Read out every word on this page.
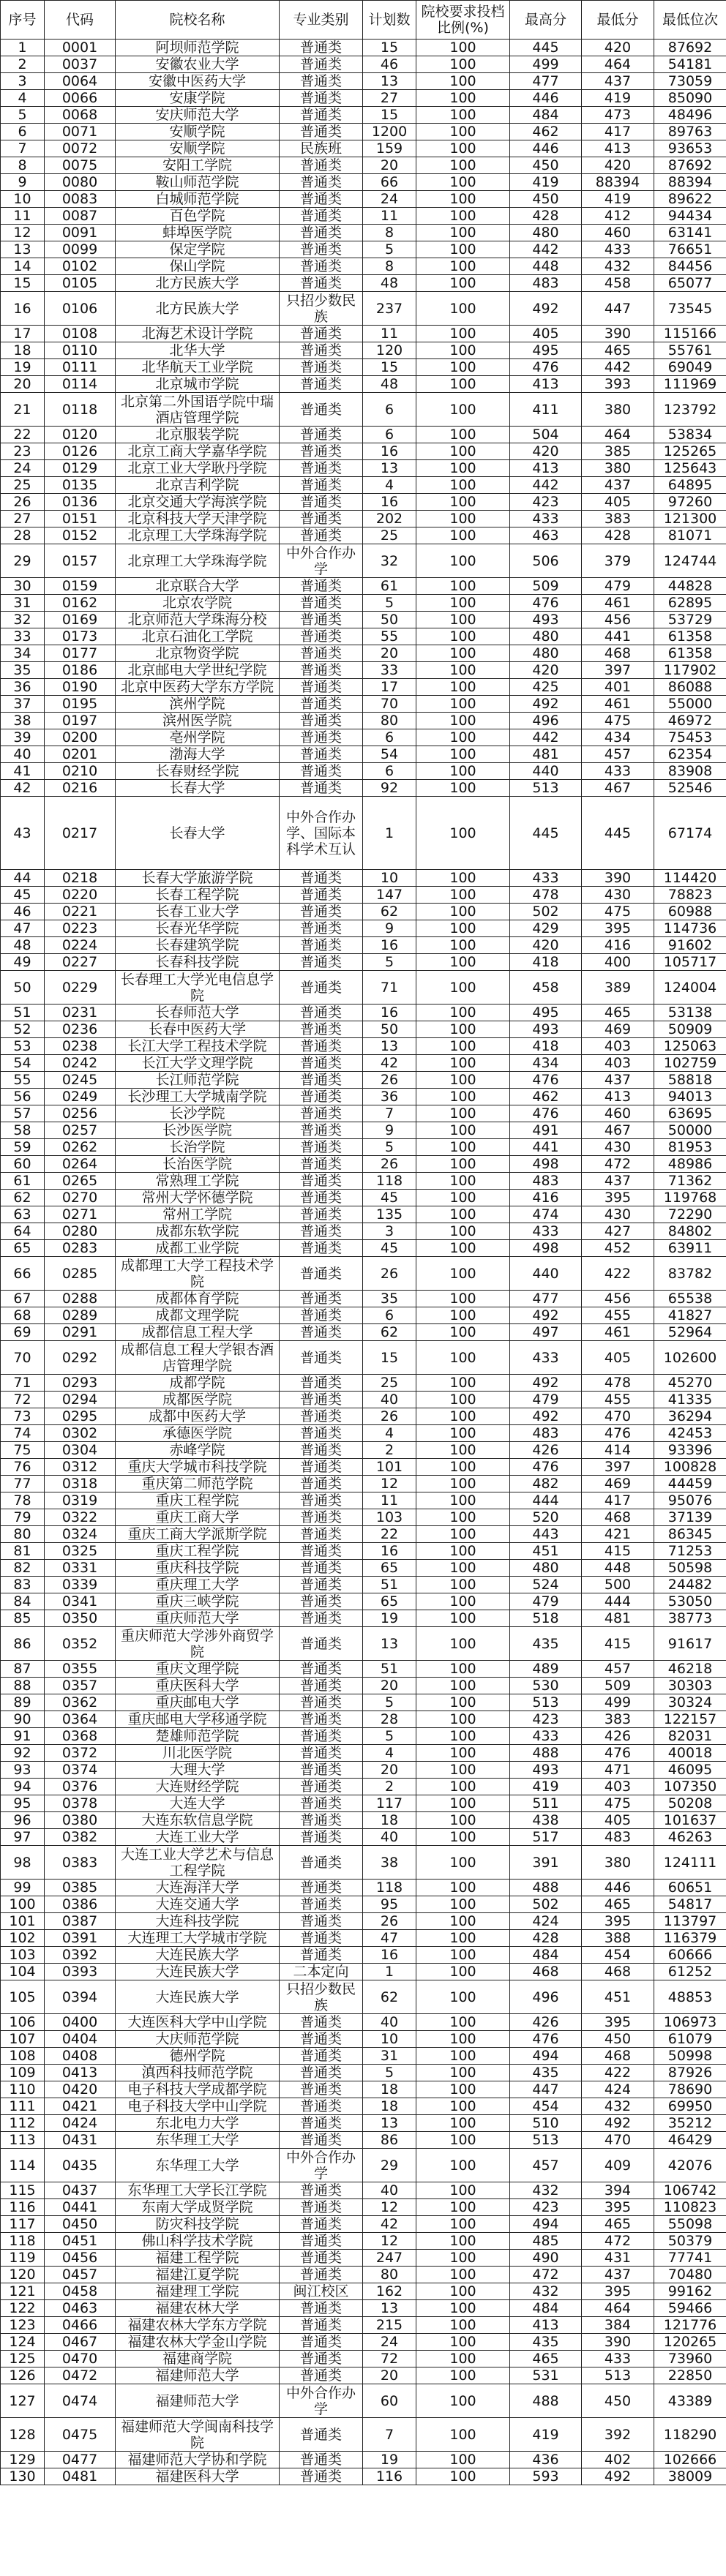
序号	代码	院校名称	专业类别	计划数	院校要求投档比例(%)	最高分	最低分	最低位次
1	0001	阿坝师范学院	普通类	15	100	445	420	87692
2	0037	安徽农业大学	普通类	46	100	499	464	54181
3	0064	安徽中医药大学	普通类	13	100	477	437	73059
4	0066	安康学院	普通类	27	100	446	419	85090
5	0068	安庆师范大学	普通类	15	100	484	473	48496
6	0071	安顺学院	普通类	1200	100	462	417	89763
7	0072	安顺学院	民族班	159	100	446	413	93653
8	0075	安阳工学院	普通类	20	100	450	420	87692
9	0080	鞍山师范学院	普通类	66	100	419	88394	88394
10	0083	白城师范学院	普通类	24	100	450	419	89622
11	0087	百色学院	普通类	11	100	428	412	94434
12	0091	蚌埠医学院	普通类	8	100	480	460	63141
13	0099	保定学院	普通类	5	100	442	433	76651
14	0102	保山学院	普通类	8	100	448	432	84456
15	0105	北方民族大学	普通类	48	100	483	458	65077
16	0106	北方民族大学	只招少数民族	237	100	492	447	73545
17	0108	北海艺术设计学院	普通类	11	100	405	390	115166
18	0110	北华大学	普通类	120	100	495	465	55761
19	0111	北华航天工业学院	普通类	15	100	476	442	69049
20	0114	北京城市学院	普通类	48	100	413	393	111969
21	0118	北京第二外国语学院中瑞酒店管理学院	普通类	6	100	411	380	123792
22	0120	北京服装学院	普通类	6	100	504	464	53834
23	0126	北京工商大学嘉华学院	普通类	16	100	420	385	125265
24	0129	北京工业大学耿丹学院	普通类	13	100	413	380	125643
25	0135	北京吉利学院	普通类	4	100	442	437	64895
26	0136	北京交通大学海滨学院	普通类	16	100	423	405	97260
27	0151	北京科技大学天津学院	普通类	202	100	433	383	121300
28	0152	北京理工大学珠海学院	普通类	25	100	463	428	81071
29	0157	北京理工大学珠海学院	中外合作办学	32	100	506	379	124744
30	0159	北京联合大学	普通类	61	100	509	479	44828
31	0162	北京农学院	普通类	5	100	476	461	62895
32	0169	北京师范大学珠海分校	普通类	50	100	493	456	53729
33	0173	北京石油化工学院	普通类	55	100	480	441	61358
34	0177	北京物资学院	普通类	20	100	480	468	61358
35	0186	北京邮电大学世纪学院	普通类	33	100	420	397	117902
36	0190	北京中医药大学东方学院	普通类	17	100	425	401	86088
37	0195	滨州学院	普通类	70	100	492	461	55000
38	0197	滨州医学院	普通类	80	100	496	475	46972
39	0200	亳州学院	普通类	6	100	442	434	75453
40	0201	渤海大学	普通类	54	100	481	457	62354
41	0210	长春财经学院	普通类	6	100	440	433	83908
42	0216	长春大学	普通类	92	100	513	467	52546
43	0217	长春大学	中外合作办学、国际本科学术互认	1	100	445	445	67174
44	0218	长春大学旅游学院	普通类	10	100	433	390	114420
45	0220	长春工程学院	普通类	147	100	478	430	78823
46	0221	长春工业大学	普通类	62	100	502	475	60988
47	0223	长春光华学院	普通类	9	100	429	395	114736
48	0224	长春建筑学院	普通类	16	100	420	416	91602
49	0227	长春科技学院	普通类	5	100	418	400	105717
50	0229	长春理工大学光电信息学院	普通类	71	100	458	389	124004
51	0231	长春师范大学	普通类	16	100	495	465	53138
52	0236	长春中医药大学	普通类	50	100	493	469	50909
53	0238	长江大学工程技术学院	普通类	13	100	418	403	125063
54	0242	长江大学文理学院	普通类	42	100	434	403	102759
55	0245	长江师范学院	普通类	26	100	476	437	58818
56	0249	长沙理工大学城南学院	普通类	36	100	462	413	94013
57	0256	长沙学院	普通类	7	100	476	460	63695
58	0257	长沙医学院	普通类	9	100	491	467	50000
59	0262	长治学院	普通类	5	100	441	430	81953
60	0264	长治医学院	普通类	26	100	498	472	48986
61	0265	常熟理工学院	普通类	118	100	483	437	71362
62	0270	常州大学怀德学院	普通类	45	100	416	395	119768
63	0271	常州工学院	普通类	135	100	474	430	72290
64	0280	成都东软学院	普通类	3	100	433	427	84802
65	0283	成都工业学院	普通类	45	100	498	452	63911
66	0285	成都理工大学工程技术学院	普通类	26	100	440	422	83782
67	0288	成都体育学院	普通类	35	100	477	456	65538
68	0289	成都文理学院	普通类	6	100	492	455	41827
69	0291	成都信息工程大学	普通类	62	100	497	461	52964
70	0292	成都信息工程大学银杏酒店管理学院	普通类	15	100	433	405	102600
71	0293	成都学院	普通类	25	100	492	478	45270
72	0294	成都医学院	普通类	40	100	479	455	41335
73	0295	成都中医药大学	普通类	26	100	492	470	36294
74	0302	承德医学院	普通类	4	100	483	476	42453
75	0304	赤峰学院	普通类	2	100	426	414	93396
76	0312	重庆大学城市科技学院	普通类	101	100	476	397	100828
77	0318	重庆第二师范学院	普通类	12	100	482	469	44459
78	0319	重庆工程学院	普通类	11	100	444	417	95076
79	0322	重庆工商大学	普通类	103	100	520	468	37139
80	0324	重庆工商大学派斯学院	普通类	22	100	443	421	86345
81	0325	重庆工程学院	普通类	16	100	451	415	71253
82	0331	重庆科技学院	普通类	65	100	480	448	50598
83	0339	重庆理工大学	普通类	51	100	524	500	24482
84	0341	重庆三峡学院	普通类	65	100	479	444	53050
85	0350	重庆师范大学	普通类	19	100	518	481	38773
86	0352	重庆师范大学涉外商贸学院	普通类	13	100	435	415	91617
87	0355	重庆文理学院	普通类	51	100	489	457	46218
88	0357	重庆医科大学	普通类	20	100	530	509	30303
89	0362	重庆邮电大学	普通类	5	100	513	499	30324
90	0364	重庆邮电大学移通学院	普通类	28	100	423	383	122157
91	0368	楚雄师范学院	普通类	5	100	433	426	82031
92	0372	川北医学院	普通类	4	100	488	476	40018
93	0374	大理大学	普通类	20	100	493	471	46095
94	0376	大连财经学院	普通类	2	100	419	403	107350
95	0378	大连大学	普通类	117	100	511	475	50208
96	0380	大连东软信息学院	普通类	18	100	438	405	101637
97	0382	大连工业大学	普通类	40	100	517	483	46263
98	0383	大连工业大学艺术与信息工程学院	普通类	38	100	391	380	124111
99	0385	大连海洋大学	普通类	118	100	488	446	60651
100	0386	大连交通大学	普通类	95	100	502	465	54817
101	0387	大连科技学院	普通类	26	100	424	395	113797
102	0391	大连理工大学城市学院	普通类	47	100	428	388	116379
103	0392	大连民族大学	普通类	16	100	484	454	60666
104	0393	大连民族大学	二本定向	1	100	468	468	61252
105	0394	大连民族大学	只招少数民族	62	100	496	451	48853
106	0400	大连医科大学中山学院	普通类	40	100	426	395	106973
107	0404	大庆师范学院	普通类	10	100	476	450	61079
108	0408	德州学院	普通类	31	100	494	468	50998
109	0413	滇西科技师范学院	普通类	5	100	435	422	87926
110	0420	电子科技大学成都学院	普通类	18	100	447	424	78690
111	0421	电子科技大学中山学院	普通类	18	100	454	432	69950
112	0424	东北电力大学	普通类	13	100	510	492	35212
113	0431	东华理工大学	普通类	86	100	513	470	46429
114	0435	东华理工大学	中外合作办学	29	100	457	409	42076
115	0437	东华理工大学长江学院	普通类	40	100	432	394	106742
116	0441	东南大学成贤学院	普通类	12	100	423	395	110823
117	0450	防灾科技学院	普通类	42	100	494	465	55098
118	0451	佛山科学技术学院	普通类	12	100	485	472	50379
119	0456	福建工程学院	普通类	247	100	490	431	77741
120	0457	福建江夏学院	普通类	80	100	472	437	70480
121	0458	福建理工学院	闽江校区	162	100	432	395	99162
122	0463	福建农林大学	普通类	13	100	484	464	59466
123	0466	福建农林大学东方学院	普通类	215	100	413	384	121776
124	0467	福建农林大学金山学院	普通类	24	100	435	390	120265
125	0470	福建商学院	普通类	72	100	465	433	73960
126	0472	福建师范大学	普通类	20	100	531	513	22850
127	0474	福建师范大学	中外合作办学	60	100	488	450	43389
128	0475	福建师范大学闽南科技学院	普通类	7	100	419	392	118290
129	0477	福建师范大学协和学院	普通类	19	100	436	402	102666
130	0481	福建医科大学	普通类	116	100	593	492	38009
